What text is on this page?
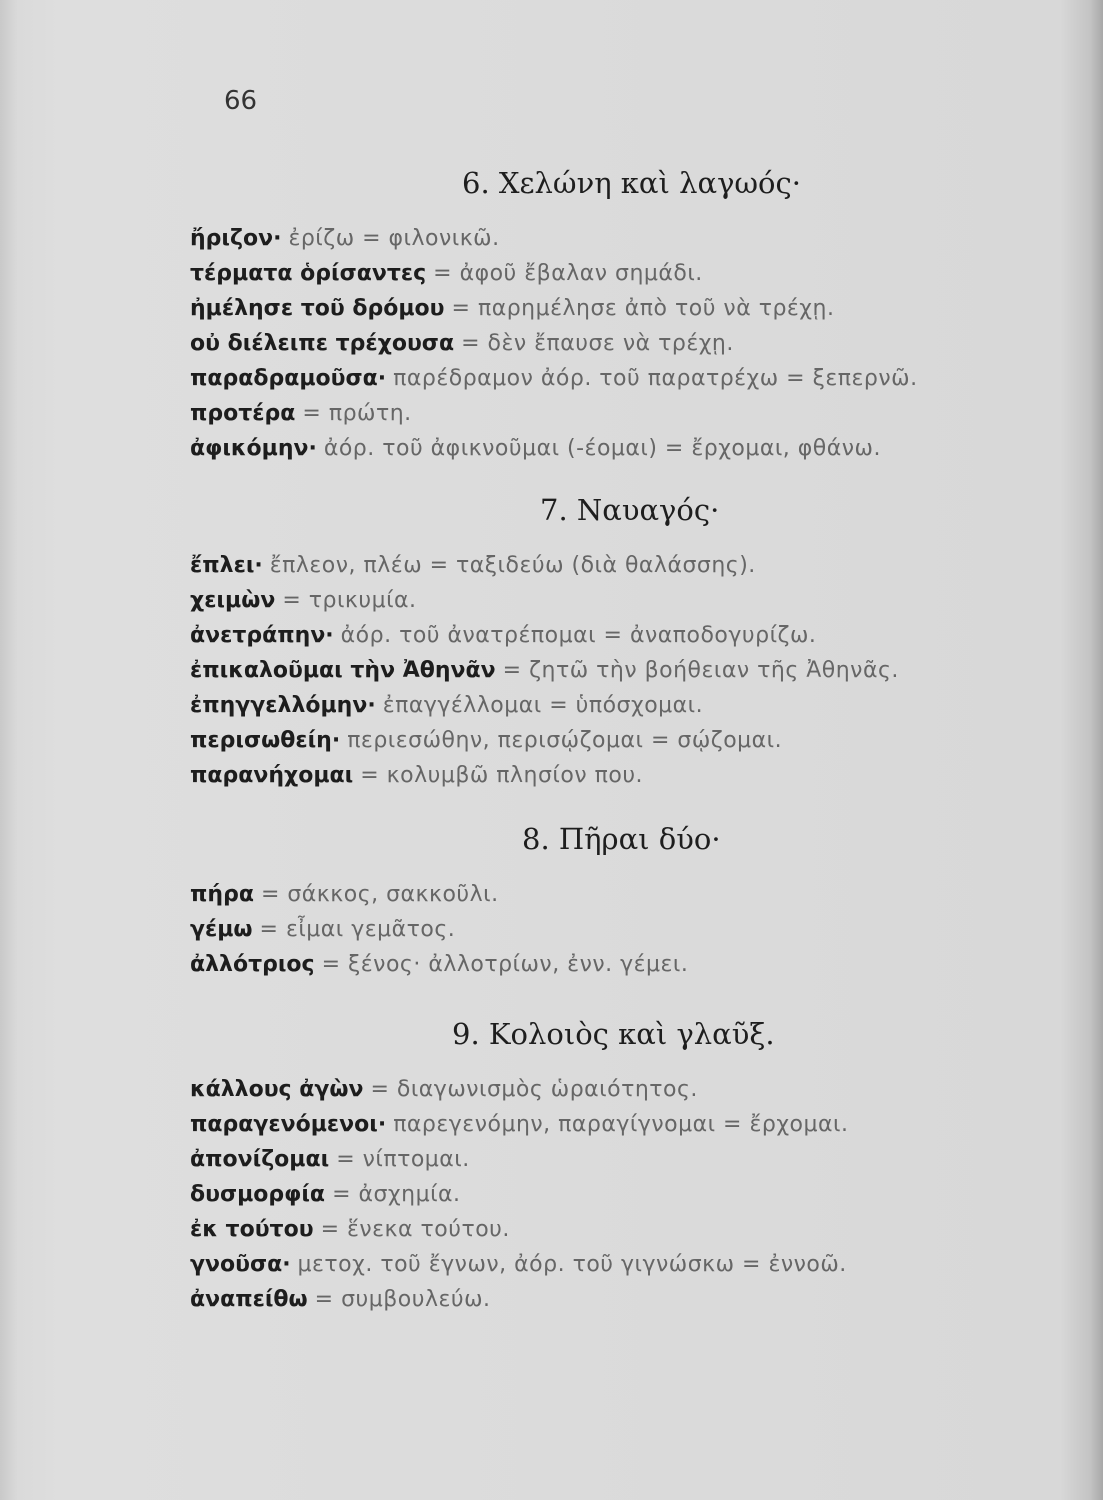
66
6. Χελώνη καὶ λαγωός·
ἤριζον· ἐρίζω = φιλονικῶ.
τέρματα ὁρίσαντες = ἀφοῦ ἔβαλαν σημάδι.
ἠμέλησε τοῦ δρόμου = παρημέλησε ἀπὸ τοῦ νὰ τρέχῃ.
οὐ διέλειπε τρέχουσα = δὲν ἔπαυσε νὰ τρέχῃ.
παραδραμοῦσα· παρέδραμον ἀόρ. τοῦ παρατρέχω = ξεπερνῶ.
προτέρα = πρώτη.
ἀφικόμην· ἀόρ. τοῦ ἀφικνοῦμαι (-έομαι) = ἔρχομαι, φθάνω.
7. Ναυαγός·
ἔπλει· ἔπλεον, πλέω = ταξιδεύω (διὰ θαλάσσης).
χειμὼν = τρικυμία.
ἀνετράπην· ἀόρ. τοῦ ἀνατρέπομαι = ἀναποδογυρίζω.
ἐπικαλοῦμαι τὴν Ἀθηνᾶν = ζητῶ τὴν βοήθειαν τῆς Ἀθηνᾶς.
ἐπηγγελλόμην· ἐπαγγέλλομαι = ὑπόσχομαι.
περισωθείη· περιεσώθην, περισῴζομαι = σῴζομαι.
παρανήχομαι = κολυμβῶ πλησίον που.
8. Πῆραι δύο·
πήρα = σάκκος, σακκοῦλι.
γέμω = εἶμαι γεμᾶτος.
ἀλλότριος = ξένος· ἀλλοτρίων, ἐνν. γέμει.
9. Κολοιὸς καὶ γλαῦξ.
κάλλους ἀγὼν = διαγωνισμὸς ὡραιότητος.
παραγενόμενοι· παρεγενόμην, παραγίγνομαι = ἔρχομαι.
ἀπονίζομαι = νίπτομαι.
δυσμορφία = ἀσχημία.
ἐκ τούτου = ἕνεκα τούτου.
γνοῦσα· μετοχ. τοῦ ἔγνων, ἀόρ. τοῦ γιγνώσκω = ἐννοῶ.
ἀναπείθω = συμβουλεύω.
